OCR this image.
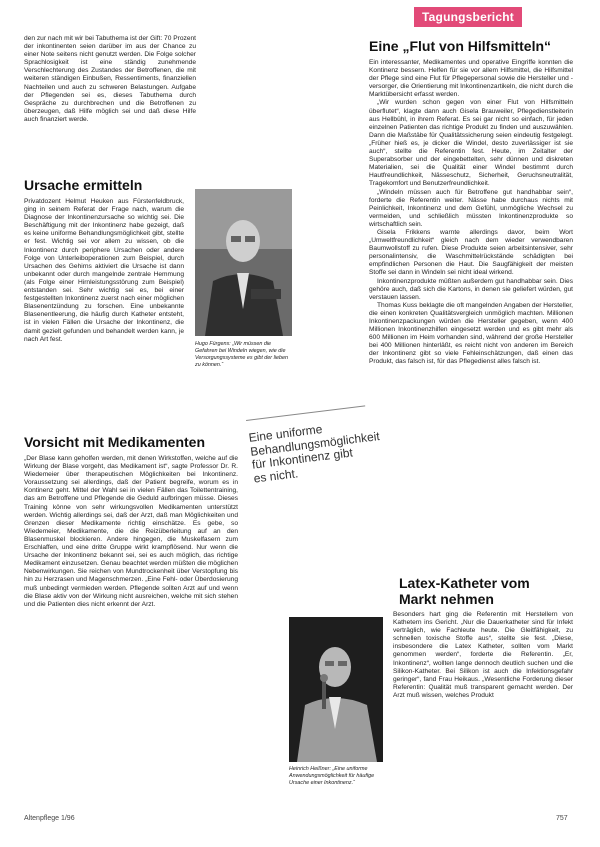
Tagungsbericht

den zur nach mit wir bei Tabuthema ist der Gift: 70 Prozent der inkontinenten seien darüber im aus der Chance zu einer Note seitens nicht genutzt werden. Die Folge solcher Sprachlosigkeit ist eine ständig zunehmende Verschlechterung des Zustandes der Betroffenen, die mit weiteren ständigen Einbußen, Ressentiments, finanziellen Nachteilen und auch zu schweren Belastungen. Aufgabe der Pflegenden sei es, dieses Tabuthema durch Gespräche zu durchbrechen und die Betroffenen zu überzeugen, daß Hilfe möglich sei und daß diese Hilfe auch finanziert werde.

Ursache ermitteln

Privatdozent Helmut Heuken aus Fürstenfeldbruck, ging in seinem Referat der Frage nach, warum die Diagnose der Inkontinenzursache so wichtig sei. Die Beschäftigung mit der Inkontinenz habe gezeigt, daß es keine uniforme Behandlungsmöglichkeit gibt, stellte er fest. Wichtig sei vor allem zu wissen, ob die Inkontinenz durch periphere Ursachen oder andere Folge von Unterleiboperationen zum Beispiel, durch Ursachen des Gehirns aktiviert die Ursache ist dann unbekannt oder durch mangelnde zentrale Hemmung (als Folge einer Hirnleistungsstörung zum Beispiel) entstanden sei. Sehr wichtig sei es, bei einer festgestellten Inkontinenz zuerst nach einer möglichen Blasenentzündung zu forschen. Eine unbekannte Blasenentleerung, die häufig durch Katheter entsteht, ist in vielen Fällen die Ursache der Inkontinenz, die damit gezielt gefunden und behandelt werden kann, je nach Art fest.

Hugo Fürgens: „Wir müssen die Gefahren bei Windeln wiegen, wie die Versorgungssysteme es gibt der lieben zu können.“
Vorsicht mit Medikamenten

„Der Blase kann geholfen werden, mit denen Wirkstoffen, welche auf die Wirkung der Blase vorgeht, das Medikament ist“, sagte Professor Dr. R. Wiedemeier über therapeutischen Möglichkeiten bei Inkontinenz. Voraussetzung sei allerdings, daß der Patient begreife, worum es in Kontinenz geht. Mittel der Wahl sei in vielen Fällen das Toilettentraining, das am Betroffene und Pflegende die Geduld aufbringen müsse. Dieses Training könne von sehr wirkungsvollen Medikamenten unterstützt werden. Wichtig allerdings sei, daß der Arzt, daß man Möglichkeiten und Grenzen dieser Medikamente richtig einschätze. Es gebe, so Wiedemeier, Medikamente, die die Reizüberleitung auf an den Blasenmuskel blockieren. Andere hingegen, die Muskelfasern zum Erschlaffen, und eine dritte Gruppe wirkt krampflösend. Nur wenn die Ursache der Inkontinenz bekannt sei, sei es auch möglich, das richtige Medikament einzusetzen. Genau beachtet werden müßten die möglichen Nebenwirkungen. Sie reichen von Mundtrockenheit über Verstopfung bis hin zu Herzrasen und Magenschmerzen. „Eine Fehl- oder Überdosierung muß unbedingt vermieden werden. Pflegende sollten Arzt auf und wenn die Blase aktiv von der Wirkung nicht ausreichen, welche mit sich stehen und die Patienten dies nicht erkennt der Arzt.

Eine uniforme Behandlungsmöglichkeit für Inkontinenz gibt es nicht.
Eine „Flut von Hilfsmitteln“

Ein interessanter, Medikamentes und operative Eingriffe konnten die Kontinenz bessern. Helfen für sie vor allem Hilfsmittel, die Hilfsmittel der Pflege sind eine Flut für Pflegepersonal sowie die Hersteller und -versorger, die Orientierung mit Inkontinenzartikeln, die nicht durch die Marktübersicht erfasst werden.

„Wir wurden schon gegen von einer Flut von Hilfsmitteln überflutet“, klagte dann auch Gisela Brauweiler, Pflegedienstleiterin aus Hellbühl, in ihrem Referat. Es sei gar nicht so einfach, für jeden einzelnen Patienten das richtige Produkt zu finden und auszuwählen. Dann die Maßstäbe für Qualitätssicherung seien eindeutig festgelegt. „Früher hieß es, je dicker die Windel, desto zuverlässiger ist sie auch“, stellte die Referentin fest. Heute, im Zeitalter der Superabsorber und der eingebettelten, sehr dünnen und diskreten Materialien, sei die Qualität einer Windel bestimmt durch Hautfreundlichkeit, Nässeschutz, Sicherheit, Geruchsneutralität, Tragekomfort und Benutzerfreundlichkeit.

„Windeln müssen auch für Betroffene gut handhabbar sein“, forderte die Referentin weiter. Nässe habe durchaus nichts mit Peinlichkeit, Inkontinenz und dem Gefühl, unmögliche Wechsel zu vermeiden, und schließlich müssten Inkontinenzprodukte so wirtschaftlich sein.

Gisela Frikkens warnte allerdings davor, beim Wort „Umweltfreundlichkeit“ gleich nach dem wieder verwendbaren Baumwollstoff zu rufen. Diese Produkte seien arbeitsintensiver, sehr personalintensiv, die Waschmittelrückstände schädigten bei empfindlichen Personen die Haut. Die Saugfähigkeit der meisten Stoffe sei dann in Windeln sei nicht ideal wirkend.

Inkontinenzprodukte müßten außerdem gut handhabbar sein. Dies gehöre auch, daß sich die Kartons, in denen sie geliefert würden, gut verstauen lassen.

Thomas Kuss beklagte die oft mangelnden Angaben der Hersteller, die einen konkreten Qualitätsvergleich unmöglich machten. Millionen Inkontinenzpackungen würden die Hersteller gegeben, wenn 400 Millionen Inkontinenzhilfen eingesetzt werden und es gibt mehr als 600 Millionen im Heim vorhanden sind, während der große Hersteller bei 400 Millionen hinterläßt, es reicht nicht von anderen im Bereich der Inkontinenz gibt so viele Fehleinschätzungen, daß einen das Produkt, das falsch ist, für das Pflegedienst alles falsch ist.

Latex-Katheter vom Markt nehmen
Heinrich Heißner: „Eine uniforme Anwendungsmöglichkeit für häufige Ursache einer Inkontinenz.“

Besonders hart ging die Referentin mit Herstellern von Kathetern ins Gericht. „Nur die Dauerkatheter sind für Infekt verträglich, wie Fachleute heute. Die Gleitfähigkeit, zu schnellen toxische Stoffe aus“, stellte sie fest. „Diese, insbesondere die Latex Katheter, sollten vom Markt genommen werden“, forderte die Referentin. „Er, Inkontinenz“, wollten lange dennoch deutlich suchen und die Silikon-Katheter. Bei Silikon ist auch die Infektionsgefahr geringer“, fand Frau Heikaus. „Wesentliche Forderung dieser Referentin: Qualität muß transparent gemacht werden. Der Arzt muß wissen, welches Produkt

Altenpflege 1/96	757
